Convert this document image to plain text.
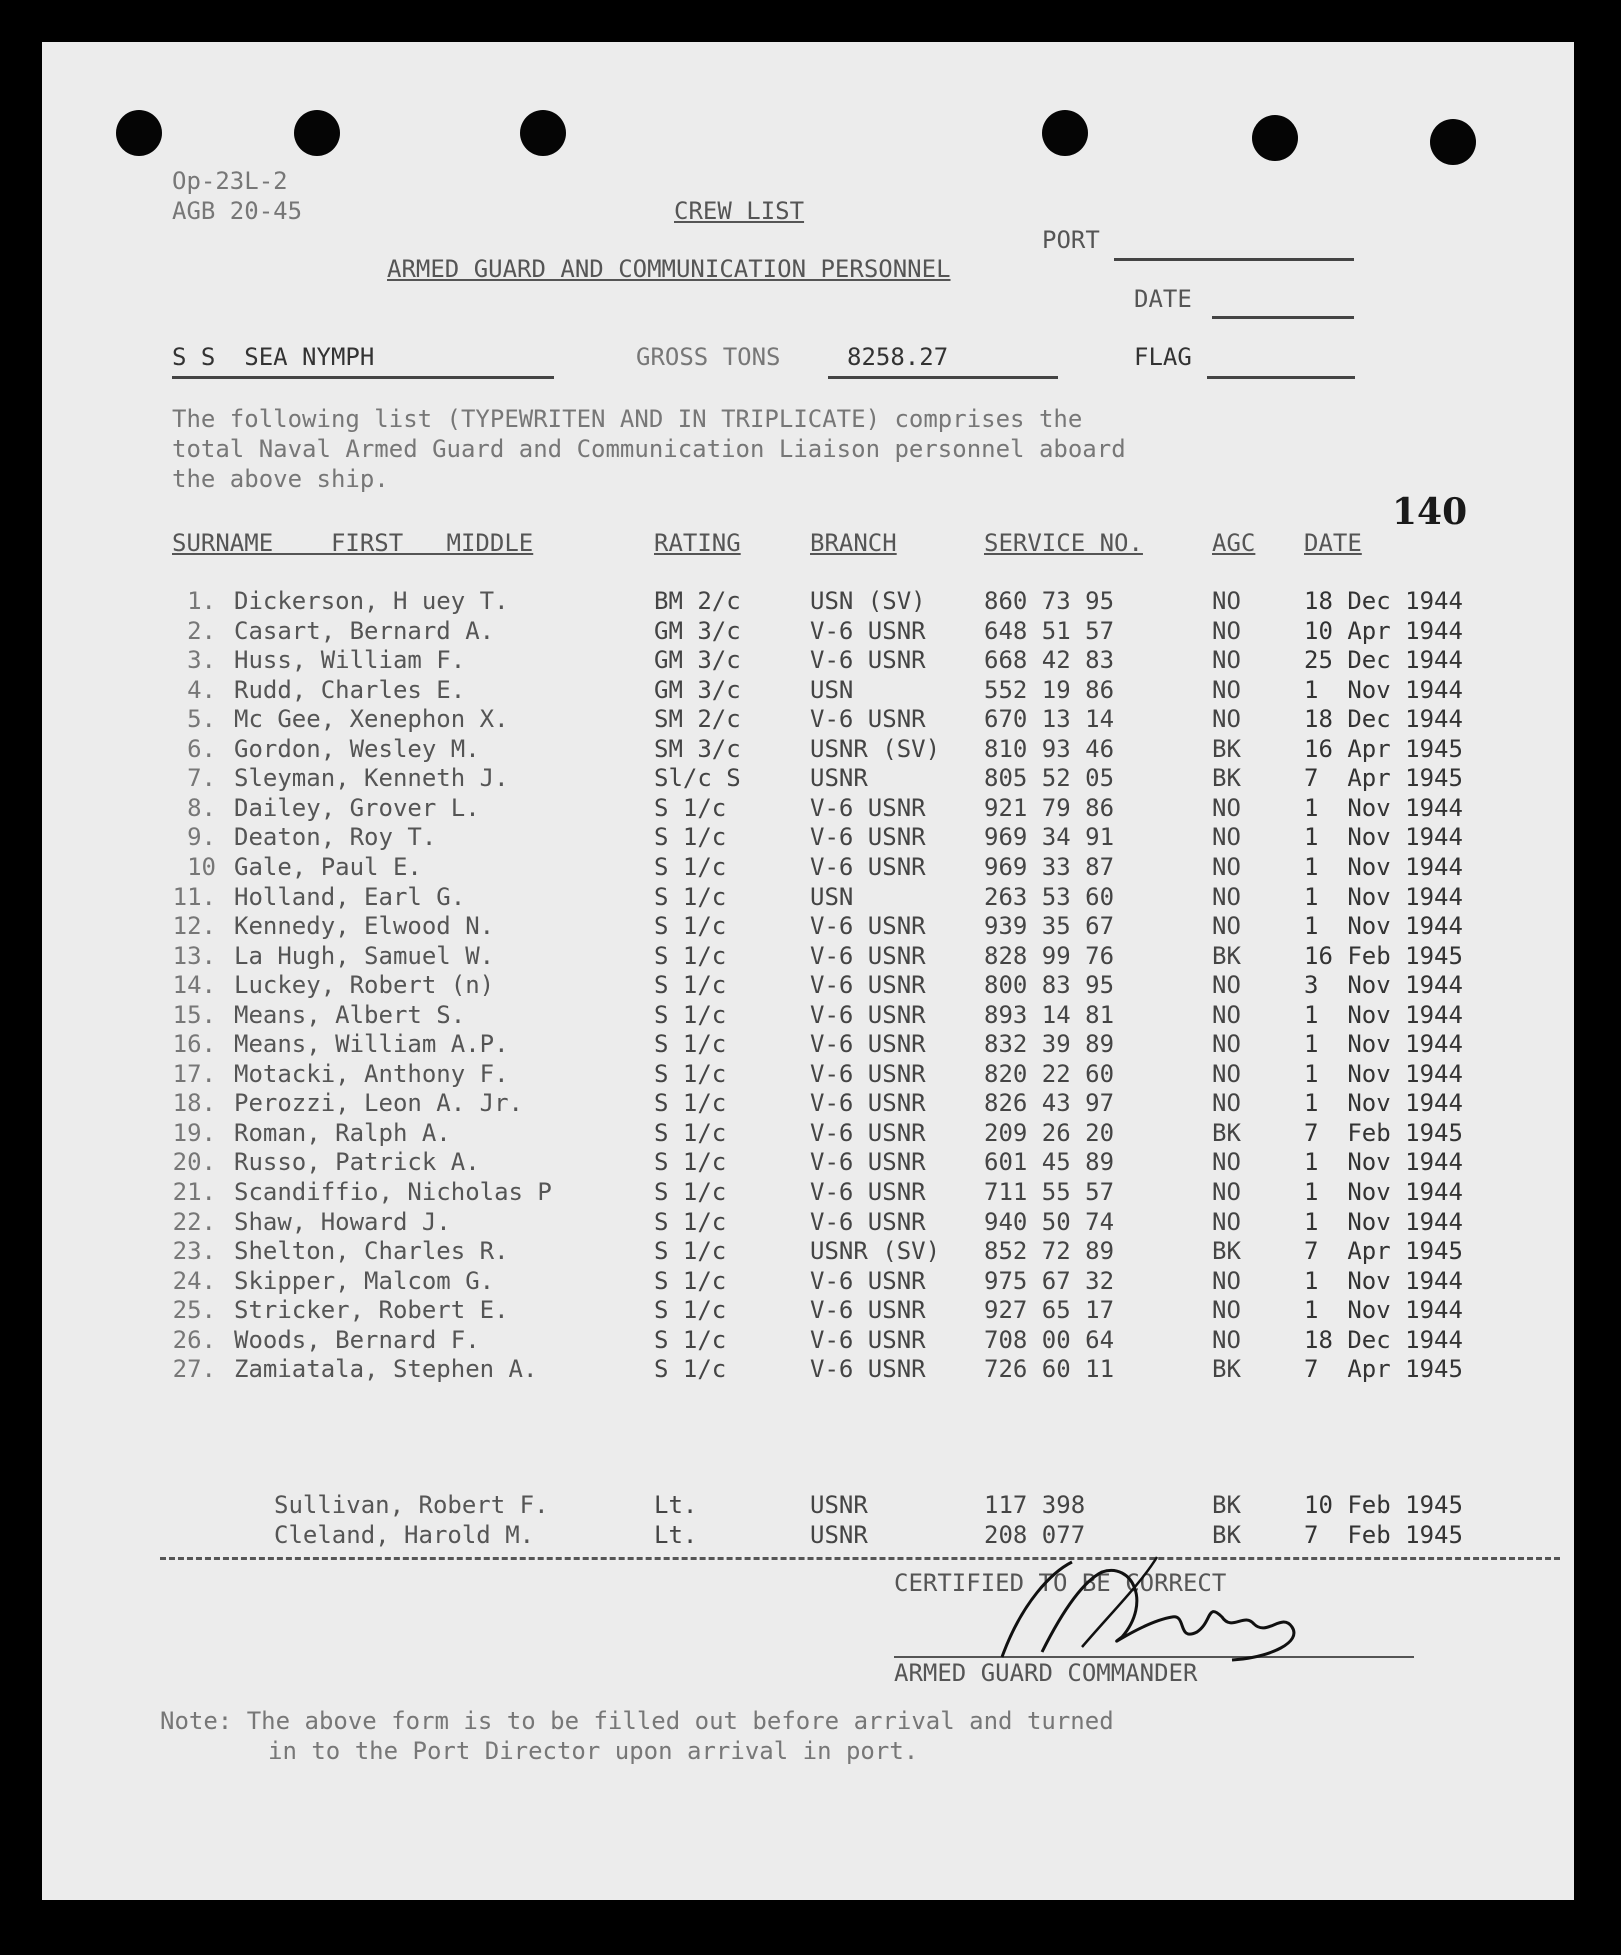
Op-23L-2
AGB 20-45	CREW LIST
PORT
ARMED GUARD AND COMMUNICATION PERSONNEL
DATE
S S  SEA NYMPH	GROSS TONS	8258.27	FLAG
The following list (TYPEWRITEN AND IN TRIPLICATE) comprises the
total Naval Armed Guard and Communication Liaison personnel aboard
the above ship.
140
SURNAME    FIRST   MIDDLE	RATING	BRANCH	SERVICE NO.	AGC DATE
1. Dickerson, H uey T.	BM 2/c	USN (SV) 860 73 95	NO	18 Dec 1944
2. Casart, Bernard A.	GM 3/c	V-6 USNR 648 51 57	NO	10 Apr 1944
3. Huss, William F.	GM 3/c	V-6 USNR 668 42 83	NO	25 Dec 1944
4. Rudd, Charles E.	GM 3/c	USN	552 19 86	NO	1  Nov 1944
5. Mc Gee, Xenephon X.	SM 2/c	V-6 USNR 670 13 14	NO	18 Dec 1944
6. Gordon, Wesley M.	SM 3/c	USNR (SV) 810 93 46	BK	16 Apr 1945
7. Sleyman, Kenneth J.	Sl/c S	USNR	805 52 05	BK	7  Apr 1945
8. Dailey, Grover L.	S 1/c	V-6 USNR 921 79 86	NO	1  Nov 1944
9. Deaton, Roy T.	S 1/c	V-6 USNR 969 34 91	NO	1  Nov 1944
10 Gale, Paul E.	S 1/c	V-6 USNR 969 33 87	NO	1  Nov 1944
11. Holland, Earl G.	S 1/c	USN	263 53 60	NO	1  Nov 1944
12. Kennedy, Elwood N.	S 1/c	V-6 USNR 939 35 67	NO	1  Nov 1944
13. La Hugh, Samuel W.	S 1/c	V-6 USNR 828 99 76	BK	16 Feb 1945
14. Luckey, Robert (n)	S 1/c	V-6 USNR 800 83 95	NO	3  Nov 1944
15. Means, Albert S.	S 1/c	V-6 USNR 893 14 81	NO	1  Nov 1944
16. Means, William A.P.	S 1/c	V-6 USNR 832 39 89	NO	1  Nov 1944
17. Motacki, Anthony F.	S 1/c	V-6 USNR 820 22 60	NO	1  Nov 1944
18. Perozzi, Leon A. Jr.	S 1/c	V-6 USNR 826 43 97	NO	1  Nov 1944
19. Roman, Ralph A.	S 1/c	V-6 USNR 209 26 20	BK	7  Feb 1945
20. Russo, Patrick A.	S 1/c	V-6 USNR 601 45 89	NO	1  Nov 1944
21. Scandiffio, Nicholas P	S 1/c	V-6 USNR 711 55 57	NO	1  Nov 1944
22. Shaw, Howard J.	S 1/c	V-6 USNR 940 50 74	NO	1  Nov 1944
23. Shelton, Charles R.	S 1/c	USNR (SV) 852 72 89	BK	7  Apr 1945
24. Skipper, Malcom G.	S 1/c	V-6 USNR 975 67 32	NO	1  Nov 1944
25. Stricker, Robert E.	S 1/c	V-6 USNR 927 65 17	NO	1  Nov 1944
26. Woods, Bernard F.	S 1/c	V-6 USNR 708 00 64	NO	18 Dec 1944
27. Zamiatala, Stephen A.	S 1/c	V-6 USNR 726 60 11	BK	7  Apr 1945
Sullivan, Robert F.	Lt.	USNR	117 398	BK	10 Feb 1945
Cleland, Harold M.	Lt.	USNR	208 077	BK	7  Feb 1945
CERTIFIED TO BE CORRECT
ARMED GUARD COMMANDER
Note: The above form is to be filled out before arrival and turned
in to the Port Director upon arrival in port.
